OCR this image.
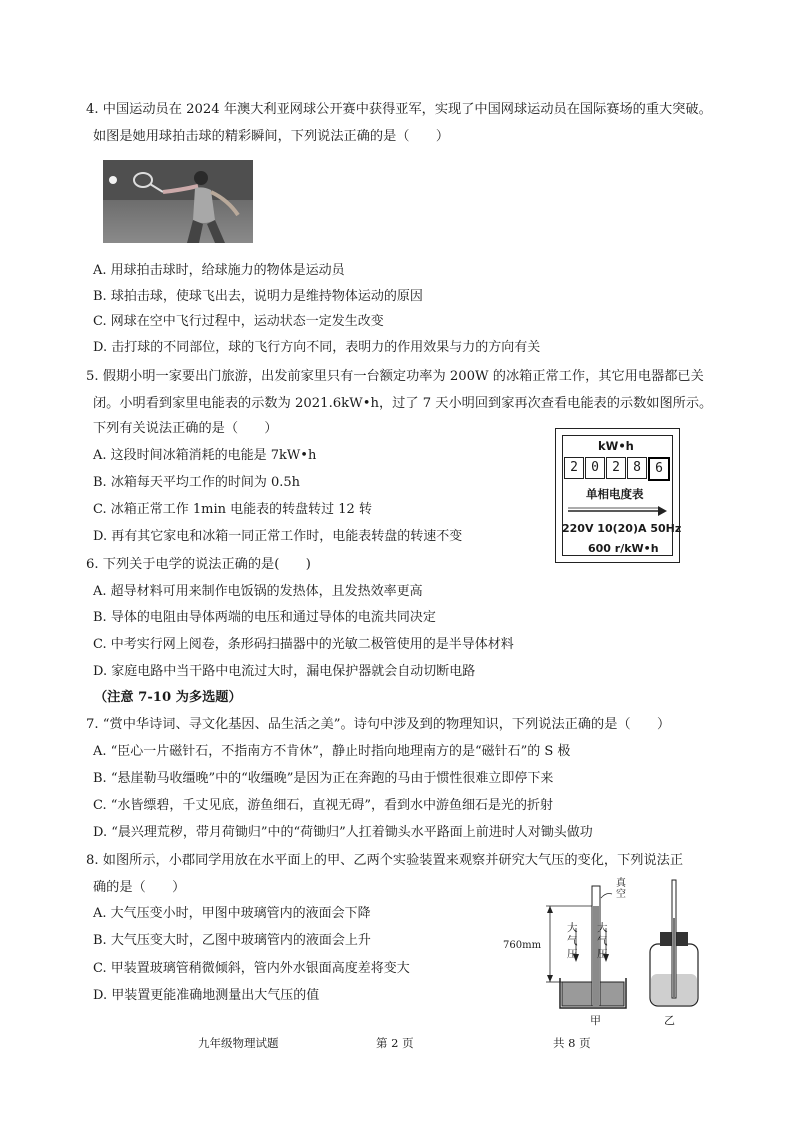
4. 中国运动员在 2024 年澳大利亚网球公开赛中获得亚军，实现了中国网球运动员在国际赛场的重大突破。
如图是她用球拍击球的精彩瞬间，下列说法正确的是（　　）
A. 用球拍击球时，给球施力的物体是运动员
B. 球拍击球，使球飞出去，说明力是维持物体运动的原因
C. 网球在空中飞行过程中，运动状态一定发生改变
D. 击打球的不同部位，球的飞行方向不同，表明力的作用效果与力的方向有关
5. 假期小明一家要出门旅游，出发前家里只有一台额定功率为 200W 的冰箱正常工作，其它用电器都已关
闭。小明看到家里电能表的示数为 2021.6kW•h，过了 7 天小明回到家再次查看电能表的示数如图所示。
下列有关说法正确的是（　　）
A. 这段时间冰箱消耗的电能是 7kW•h
B. 冰箱每天平均工作的时间为 0.5h
C. 冰箱正常工作 1min 电能表的转盘转过 12 转
D. 再有其它家电和冰箱一同正常工作时，电能表转盘的转速不变
kW•h
2	0	2	8	6
单相电度表
220V 10(20)A 50Hz
600 r/kW•h
6. 下列关于电学的说法正确的是(　　)
A. 超导材料可用来制作电饭锅的发热体，且发热效率更高
B. 导体的电阻由导体两端的电压和通过导体的电流共同决定
C. 中考实行网上阅卷，条形码扫描器中的光敏二极管使用的是半导体材料
D. 家庭电路中当干路中电流过大时，漏电保护器就会自动切断电路
（注意 7-10 为多选题）
7. “赏中华诗词、寻文化基因、品生活之美”。诗句中涉及到的物理知识，下列说法正确的是（　　）
A. “臣心一片磁针石，不指南方不肯休”，静止时指向地理南方的是“磁针石”的 S 极
B. “悬崖勒马收缰晚”中的“收缰晚”是因为正在奔跑的马由于惯性很难立即停下来
C. “水皆缥碧，千丈见底，游鱼细石，直视无碍”，看到水中游鱼细石是光的折射
D. “晨兴理荒秽，带月荷锄归”中的“荷锄归”人扛着锄头水平路面上前进时人对锄头做功
8. 如图所示，小郡同学用放在水平面上的甲、乙两个实验装置来观察并研究大气压的变化，下列说法正
确的是（　　）
A. 大气压变小时，甲图中玻璃管内的液面会下降
B. 大气压变大时，乙图中玻璃管内的液面会上升
C. 甲装置玻璃管稍微倾斜，管内外水银面高度差将变大
D. 甲装置更能准确地测量出大气压的值
真空
大气压
大气压
760mm
甲	乙
九年级物理试题	第 2 页	共 8 页
